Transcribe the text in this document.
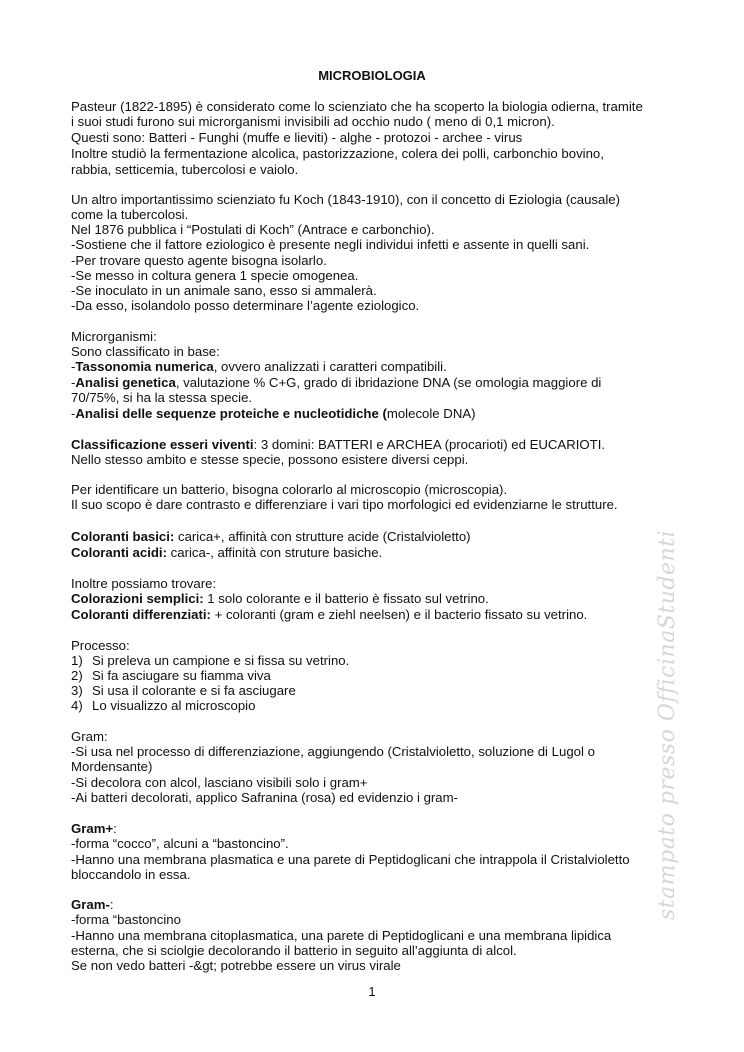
MICROBIOLOGIA
Pasteur (1822-1895) è considerato come lo scienziato che ha scoperto la biologia odierna, tramite
i suoi studi furono sui microrganismi invisibili ad occhio nudo ( meno di 0,1 micron).
Questi sono: Batteri - Funghi (muffe e lieviti) - alghe - protozoi - archee - virus
Inoltre studiò la fermentazione alcolica, pastorizzazione, colera dei polli, carbonchio bovino,
rabbia, setticemia, tubercolosi e vaiolo.
Un altro importantissimo scienziato fu Koch (1843-1910), con il concetto di Eziologia (causale)
come la tubercolosi.
Nel 1876 pubblica i “Postulati di Koch” (Antrace e carbonchio).
-Sostiene che il fattore eziologico è presente negli individui infetti e assente in quelli sani.
-Per trovare questo agente bisogna isolarlo.
-Se messo in coltura genera 1 specie omogenea.
-Se inoculato in un animale sano, esso si ammalerà.
-Da esso, isolandolo posso determinare l’agente eziologico.
Microrganismi:
Sono classificato in base:
-Tassonomia numerica, ovvero analizzati i caratteri compatibili.
-Analisi genetica, valutazione % C+G, grado di ibridazione DNA (se omologia maggiore di
70/75%, si ha la stessa specie.
-Analisi delle sequenze proteiche e nucleotidiche (molecole DNA)
Classificazione esseri viventi: 3 domini: BATTERI e ARCHEA (procarioti) ed EUCARIOTI.
Nello stesso ambito e stesse specie, possono esistere diversi ceppi.
Per identificare un batterio, bisogna colorarlo al microscopio (microscopia).
Il suo scopo è dare contrasto e differenziare i vari tipo morfologici ed evidenziarne le strutture.
Coloranti basici: carica+, affinità con strutture acide (Cristalvioletto)
Coloranti acidi: carica-, affinità con struture basiche.
Inoltre possiamo trovare:
Colorazioni semplici: 1 solo colorante e il batterio è fissato sul vetrino.
Coloranti differenziati: + coloranti (gram e ziehl neelsen) e il bacterio fissato su vetrino.
Processo:
1) Si preleva un campione e si fissa su vetrino.
2) Si fa asciugare su fiamma viva
3) Si usa il colorante e si fa asciugare
4) Lo visualizzo al microscopio
Gram:
-Si usa nel processo di differenziazione, aggiungendo (Cristalvioletto, soluzione di Lugol o
Mordensante)
-Si decolora con alcol, lasciano visibili solo i gram+
-Ai batteri decolorati, applico Safranina (rosa) ed evidenzio i gram-
Gram+:
-forma “cocco”, alcuni a “bastoncino”.
-Hanno una membrana plasmatica e una parete di Peptidoglicani che intrappola il Cristalvioletto
bloccandolo in essa.
Gram-:
-forma “bastoncino
-Hanno una membrana citoplasmatica, una parete di Peptidoglicani e una membrana lipidica
esterna, che si sciolgie decolorando il batterio in seguito all’aggiunta di alcol.
Se non vedo batteri -&gt; potrebbe essere un virus virale
1
stampato presso OfficinaStudenti
